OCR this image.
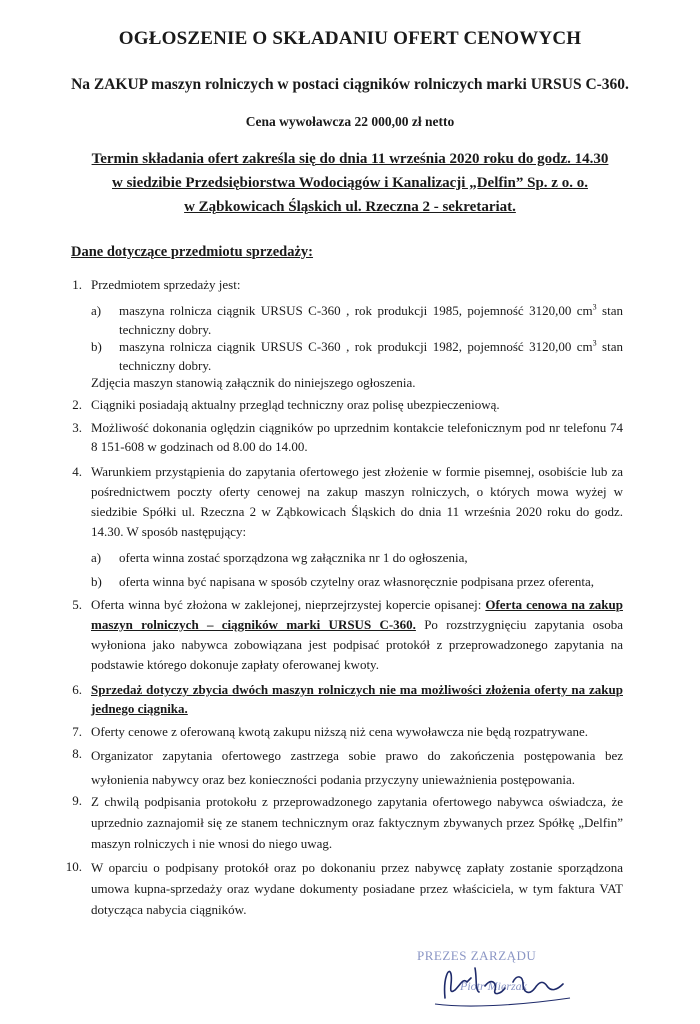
OGŁOSZENIE O SKŁADANIU OFERT CENOWYCH
Na ZAKUP maszyn rolniczych w postaci ciągników rolniczych marki URSUS C-360.
Cena wywoławcza 22 000,00 zł netto
Termin składania ofert zakreśla się do dnia 11 września 2020 roku do godz. 14.30
w siedzibie Przedsiębiorstwa Wodociągów i Kanalizacji „Delfin” Sp. z o. o.
w Ząbkowicach Śląskich ul. Rzeczna 2 - sekretariat.
Dane dotyczące przedmiotu sprzedaży:
1. Przedmiotem sprzedaży jest:
a)	maszyna rolnicza ciągnik URSUS C-360 , rok produkcji 1985, pojemność 3120,00 $cm^3$ stan techniczny dobry.
b)	maszyna rolnicza ciągnik URSUS C-360 , rok produkcji 1982, pojemność 3120,00 $cm^3$ stan techniczny dobry.
Zdjęcia maszyn stanowią załącznik do niniejszego ogłoszenia.
2. Ciągniki posiadają aktualny przegląd techniczny oraz polisę ubezpieczeniową.
3. Możliwość dokonania oględzin ciągników po uprzednim kontakcie telefonicznym pod nr telefonu 74 8 151-608 w godzinach od 8.00 do 14.00.
4. Warunkiem przystąpienia do zapytania ofertowego jest złożenie w formie pisemnej, osobiście lub za pośrednictwem poczty oferty cenowej na zakup maszyn rolniczych, o których mowa wyżej w siedzibie Spółki ul. Rzeczna 2 w Ząbkowicach Śląskich do dnia 11 września 2020 roku do godz. 14.30. W sposób następujący:
a)	oferta winna zostać sporządzona wg załącznika nr 1 do ogłoszenia,
b)	oferta winna być napisana w sposób czytelny oraz własnoręcznie podpisana przez oferenta,
5. Oferta winna być złożona w zaklejonej, nieprzejrzystej kopercie opisanej: Oferta cenowa na zakup maszyn rolniczych – ciągników marki URSUS C-360. Po rozstrzygnięciu zapytania osoba wyłoniona jako nabywca zobowiązana jest podpisać protokół z przeprowadzonego zapytania na podstawie którego dokonuje zapłaty oferowanej kwoty.
6. Sprzedaż dotyczy zbycia dwóch maszyn rolniczych nie ma możliwości złożenia oferty na zakup jednego ciągnika.
7. Oferty cenowe z oferowaną kwotą zakupu niższą niż cena wywoławcza nie będą rozpatrywane.
8. Organizator zapytania ofertowego zastrzega sobie prawo do zakończenia postępowania bez wyłonienia nabywcy oraz bez konieczności podania przyczyny unieważnienia postępowania.
9. Z chwilą podpisania protokołu z przeprowadzonego zapytania ofertowego nabywca oświadcza, że uprzednio zaznajomił się ze stanem technicznym oraz faktycznym zbywanych przez Spółkę „Delfin” maszyn rolniczych i nie wnosi do niego uwag.
10. W oparciu o podpisany protokół oraz po dokonaniu przez nabywcę zapłaty zostanie sporządzona umowa kupna-sprzedaży oraz wydane dokumenty posiadane przez właściciela, w tym faktura VAT dotycząca nabycia ciągników.
PREZES ZARZĄDU
Piotr Mierzak
